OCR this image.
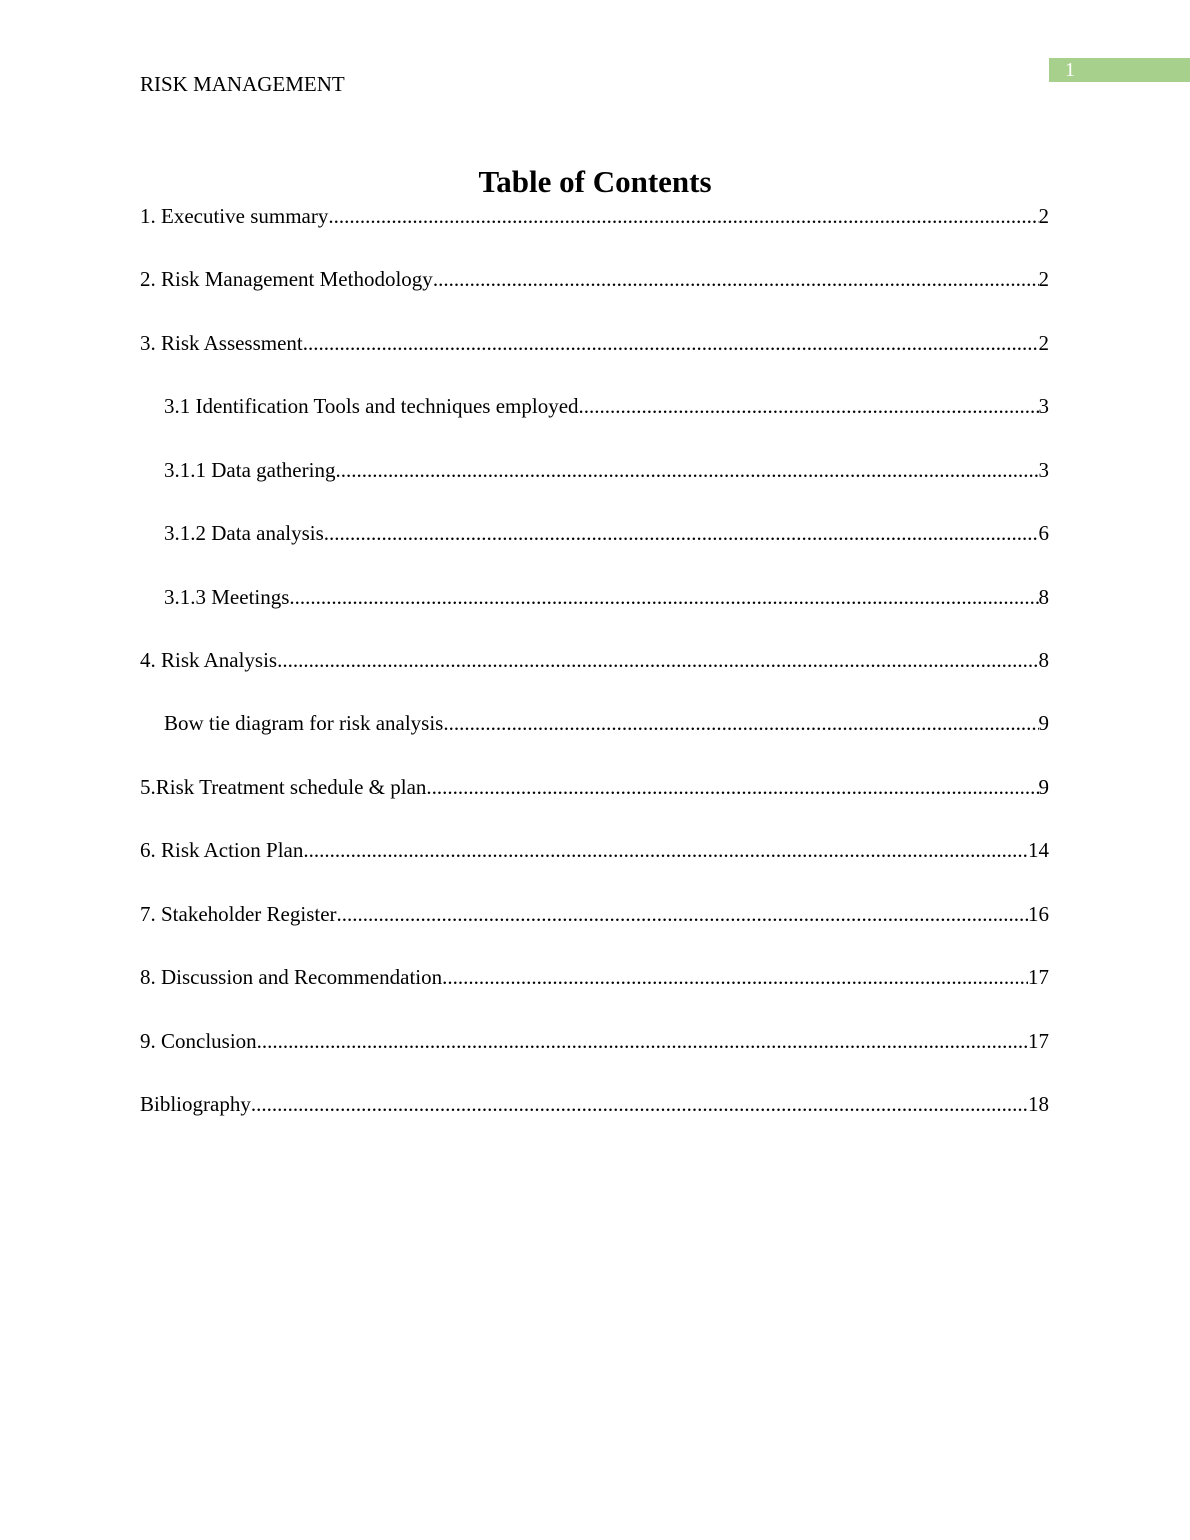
1
RISK MANAGEMENT
Table of Contents
1. Executive summary .....	2
2. Risk Management Methodology .....	2
3. Risk Assessment .....	2
3.1 Identification Tools and techniques employed .....	3
3.1.1 Data gathering .....	3
3.1.2 Data analysis .....	6
3.1.3 Meetings .....	8
4. Risk Analysis .....	8
Bow tie diagram for risk analysis .....	9
5.Risk Treatment schedule & plan .....	9
6. Risk Action Plan .....	14
7. Stakeholder Register .....	16
8. Discussion and Recommendation .....	17
9. Conclusion .....	17
Bibliography .....	18
